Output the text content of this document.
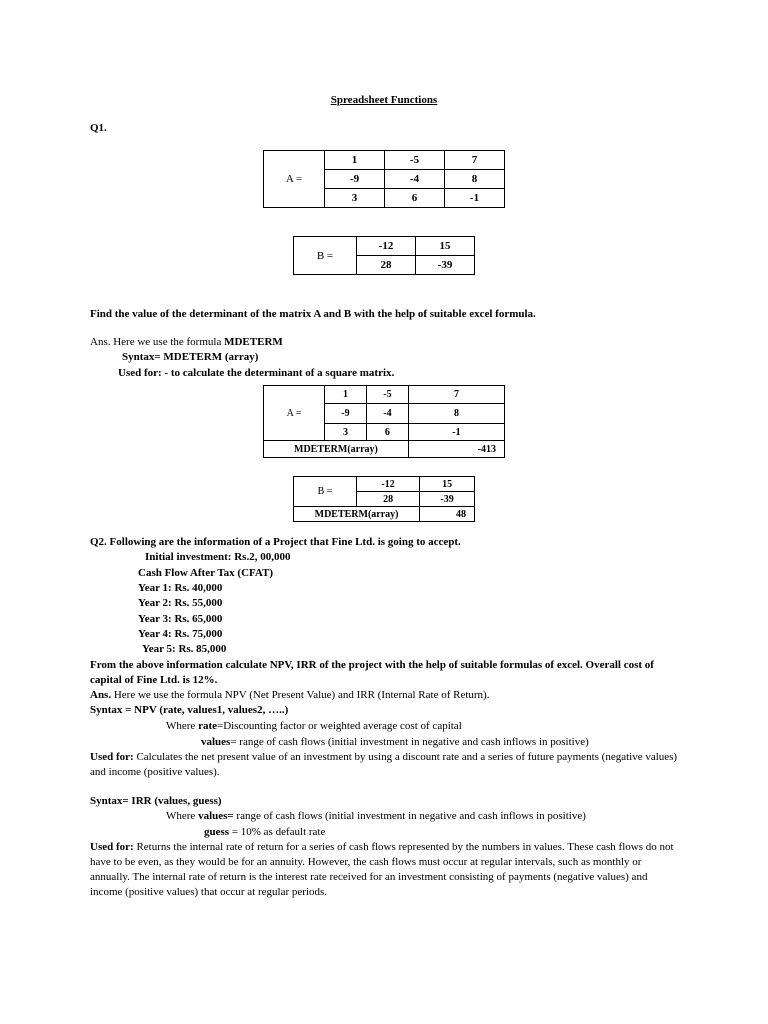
Spreadsheet Functions
Q1.
A =	1	-5	7
	-9	-4	8
	3	6	-1
B =	-12	15
	28	-39
Find the value of the determinant of the matrix A and B with the help of suitable excel formula.
Ans. Here we use the formula MDETERM
Syntax= MDETERM (array)
Used for: - to calculate the determinant of a square matrix.
A =	1	-5	7
	-9	-4	8
	3	6	-1
MDETERM(array)			-413
B =	-12	15
	28	-39
MDETERM(array)		48
Q2. Following are the information of a Project that Fine Ltd. is going to accept.
Initial investment: Rs.2, 00,000
Cash Flow After Tax (CFAT)
Year 1: Rs. 40,000
Year 2: Rs. 55,000
Year 3: Rs. 65,000
Year 4: Rs. 75,000
Year 5: Rs. 85,000
From the above information calculate NPV, IRR of the project with the help of suitable formulas of excel. Overall cost of capital of Fine Ltd. is 12%.
Ans. Here we use the formula NPV (Net Present Value) and IRR (Internal Rate of Return).
Syntax = NPV (rate, values1, values2, …..)
Where rate=Discounting factor or weighted average cost of capital
values= range of cash flows (initial investment in negative and cash inflows in positive)
Used for: Calculates the net present value of an investment by using a discount rate and a series of future payments (negative values) and income (positive values).
Syntax= IRR (values, guess)
Where values= range of cash flows (initial investment in negative and cash inflows in positive)
guess = 10% as default rate
Used for: Returns the internal rate of return for a series of cash flows represented by the numbers in values. These cash flows do not have to be even, as they would be for an annuity. However, the cash flows must occur at regular intervals, such as monthly or annually. The internal rate of return is the interest rate received for an investment consisting of payments (negative values) and income (positive values) that occur at regular periods.
